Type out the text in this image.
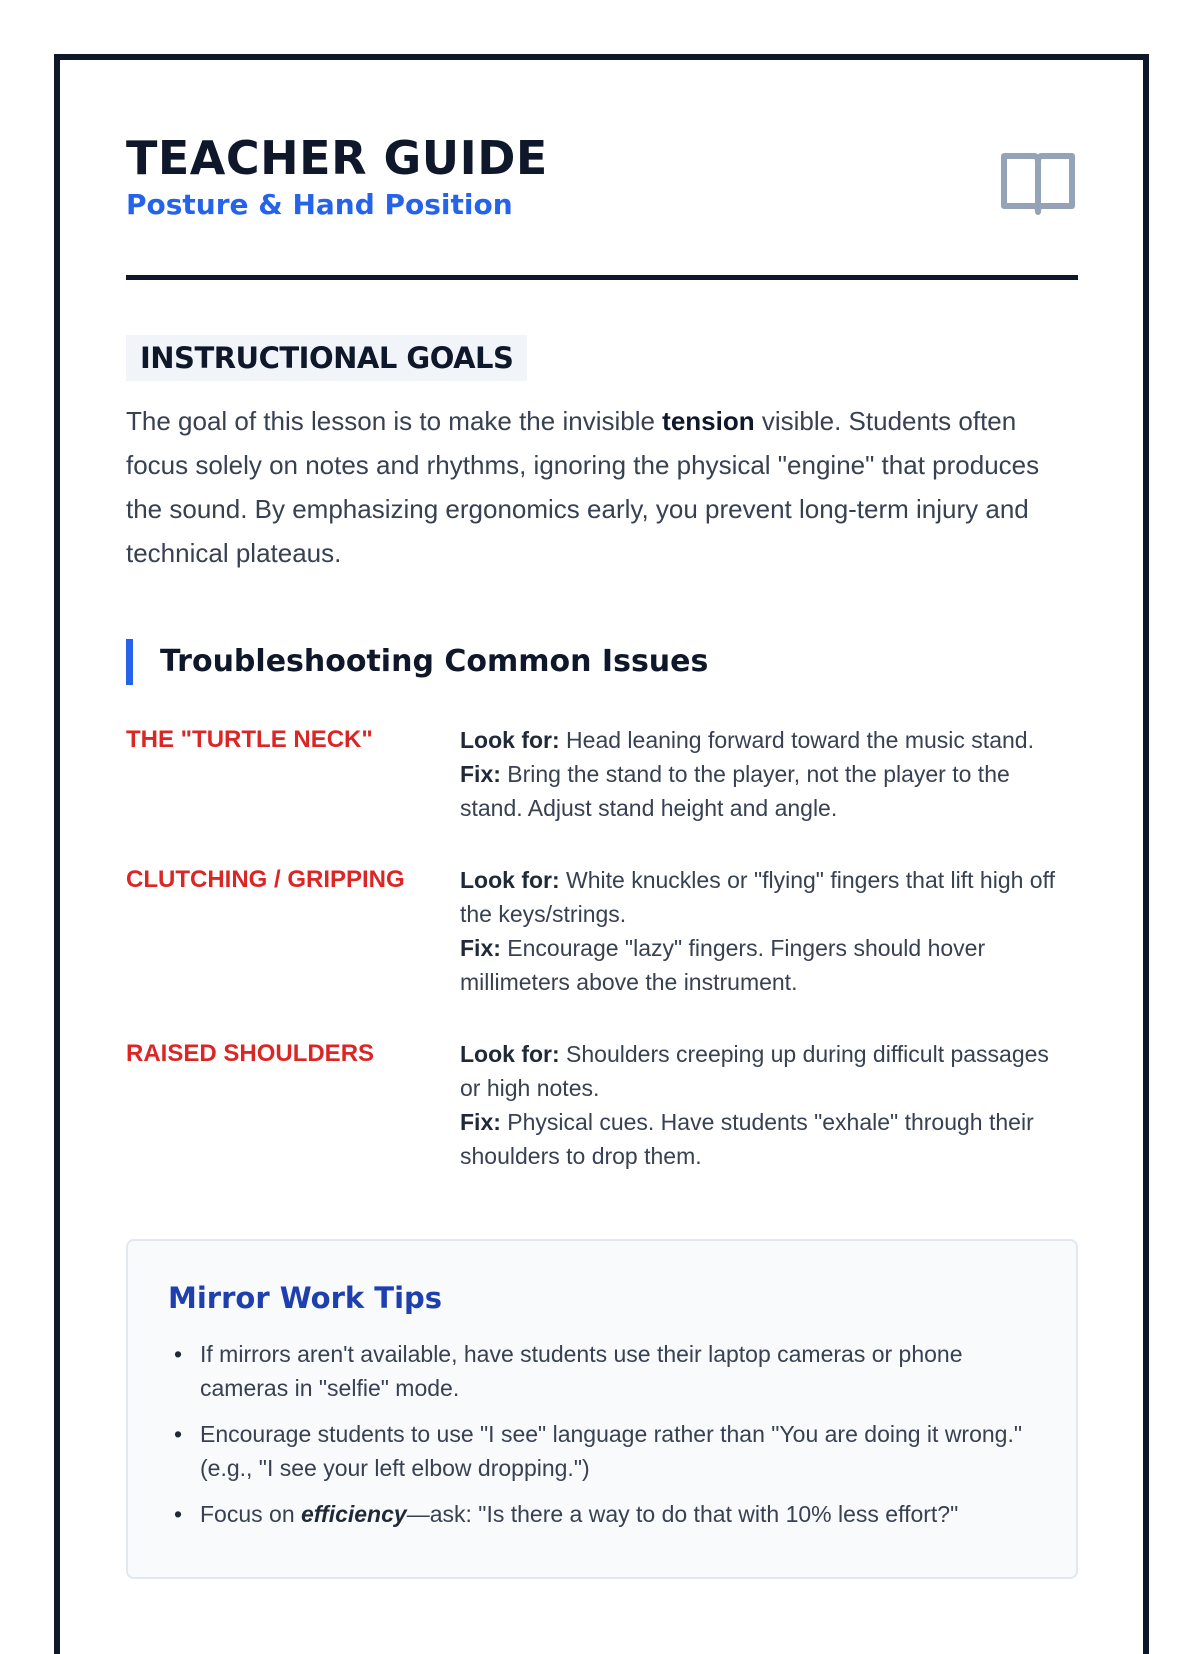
TEACHER GUIDE
Posture & Hand Position
INSTRUCTIONAL GOALS

The goal of this lesson is to make the invisible tension visible. Students often focus solely on notes and rhythms, ignoring the physical "engine" that produces the sound. By emphasizing ergonomics early, you prevent long-term injury and technical plateaus.

Troubleshooting Common Issues
THE "TURTLE NECK"	Look for: Head leaning forward toward the music stand.
Fix: Bring the stand to the player, not the player to the stand. Adjust stand height and angle.
CLUTCHING / GRIPPING	Look for: White knuckles or "flying" fingers that lift high off the keys/strings.
Fix: Encourage "lazy" fingers. Fingers should hover millimeters above the instrument.
RAISED SHOULDERS	Look for: Shoulders creeping up during difficult passages or high notes.
Fix: Physical cues. Have students "exhale" through their shoulders to drop them.
Mirror Work Tips
• If mirrors aren't available, have students use their laptop cameras or phone cameras in "selfie" mode.
• Encourage students to use "I see" language rather than "You are doing it wrong." (e.g., "I see your left elbow dropping.")
• Focus on efficiency—ask: "Is there a way to do that with 10% less effort?"
